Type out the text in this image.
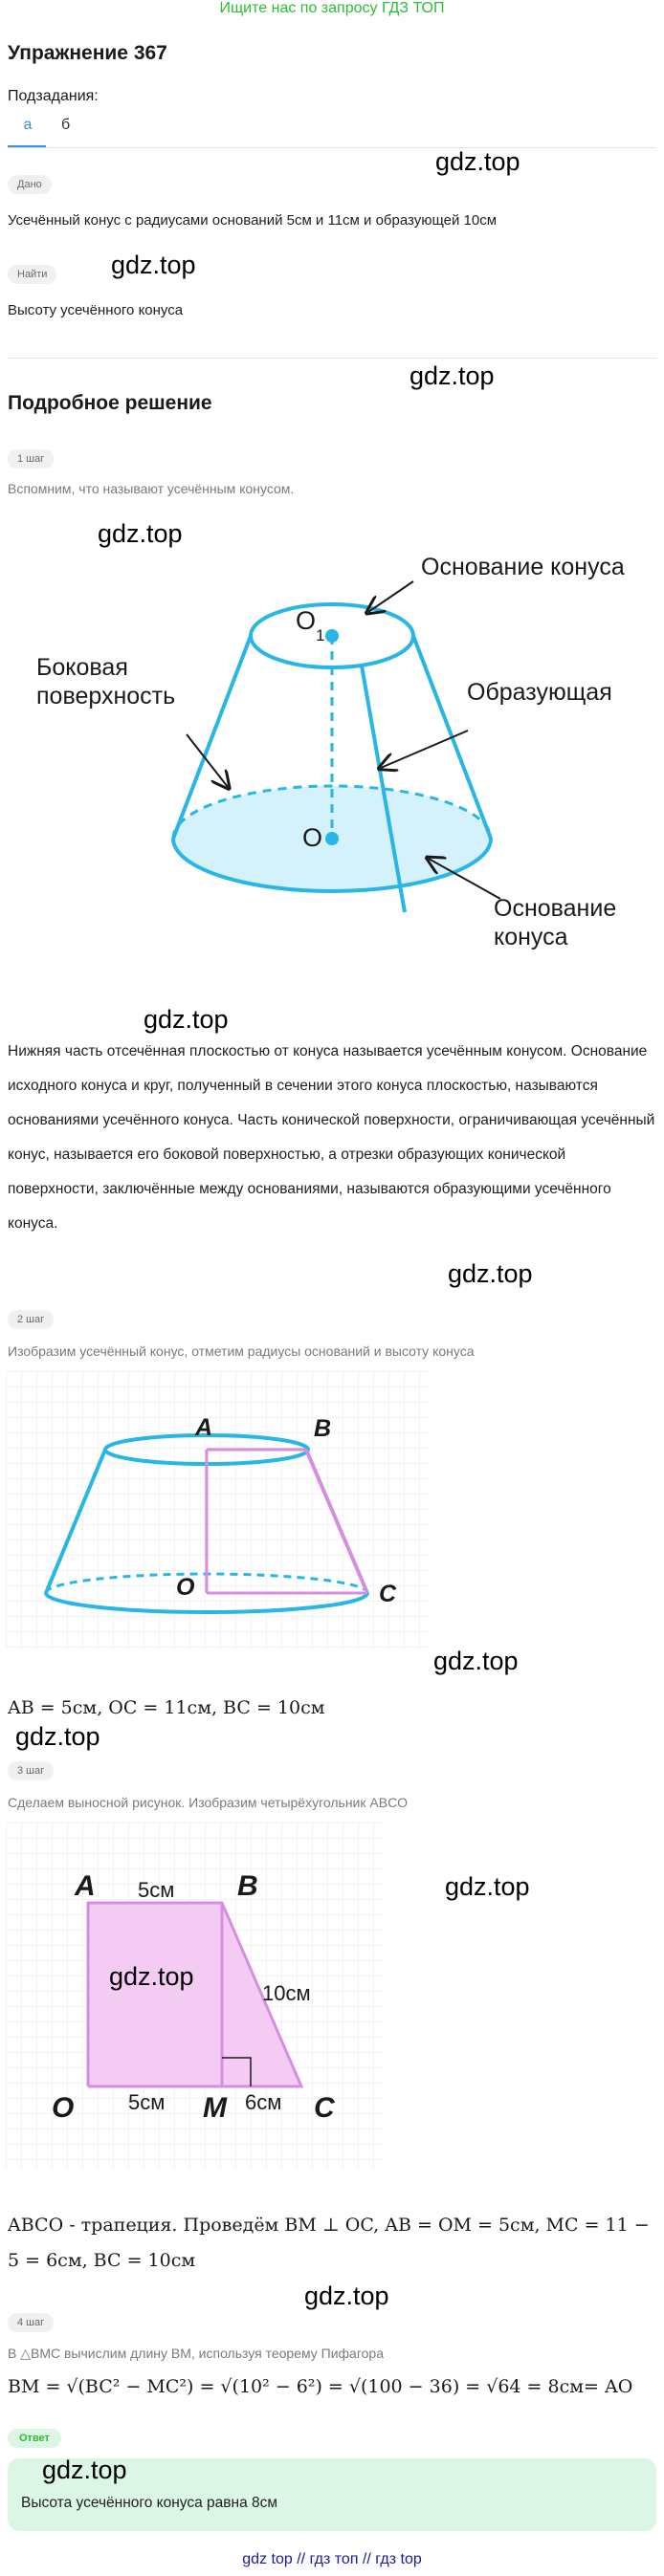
Ищите нас по запросу ГДЗ ТОП
Упражнение 367
Подзадания:
а	б
Дано
Усечённый конус с радиусами оснований 5см и 11см и образующей 10см
Найти
Высоту усечённого конуса
Подробное решение
1 шаг
Вспомним, что называют усечённым конусом.
Основание конуса
O
1
Боковая
поверхность	Образующая
O
Основание
конуса
Нижняя часть отсечённая плоскостью от конуса называется усечённым конусом. Основание исходного конуса и круг, полученный в сечении этого конуса плоскостью, называются основаниями усечённого конуса. Часть конической поверхности, ограничивающая усечённый конус, называется его боковой поверхностью, а отрезки образующих конической поверхности, заключённые между основаниями, называются образующими усечённого конуса.
2 шаг
Изобразим усечённый конус, отметим радиусы оснований и высоту конуса
A	B
O	C
AB = 5см, OC = 11см, BC = 10см
3 шаг
Сделаем выносной рисунок. Изобразим четырёхугольник ABCO
A	B
O	M	C
5см
5см	6см
10см
ABCO - трапеция. Проведём BM ⊥ OC, AB = OM = 5см, MC = 11 −
5 = 6см, BC = 10см
4 шаг
В △BMC вычислим длину BM, используя теорему Пифагора
BM = √(BC² − MC²) = √(10² − 6²) = √(100 − 36) = √64 = 8см= AO
Ответ
Высота усечённого конуса равна 8см
gdz top // гдз топ // гдз top
gdz.top
gdz.top
gdz.top
gdz.top
gdz.top
gdz.top
gdz.top
gdz.top
gdz.top
gdz.top
gdz.top
gdz.top
